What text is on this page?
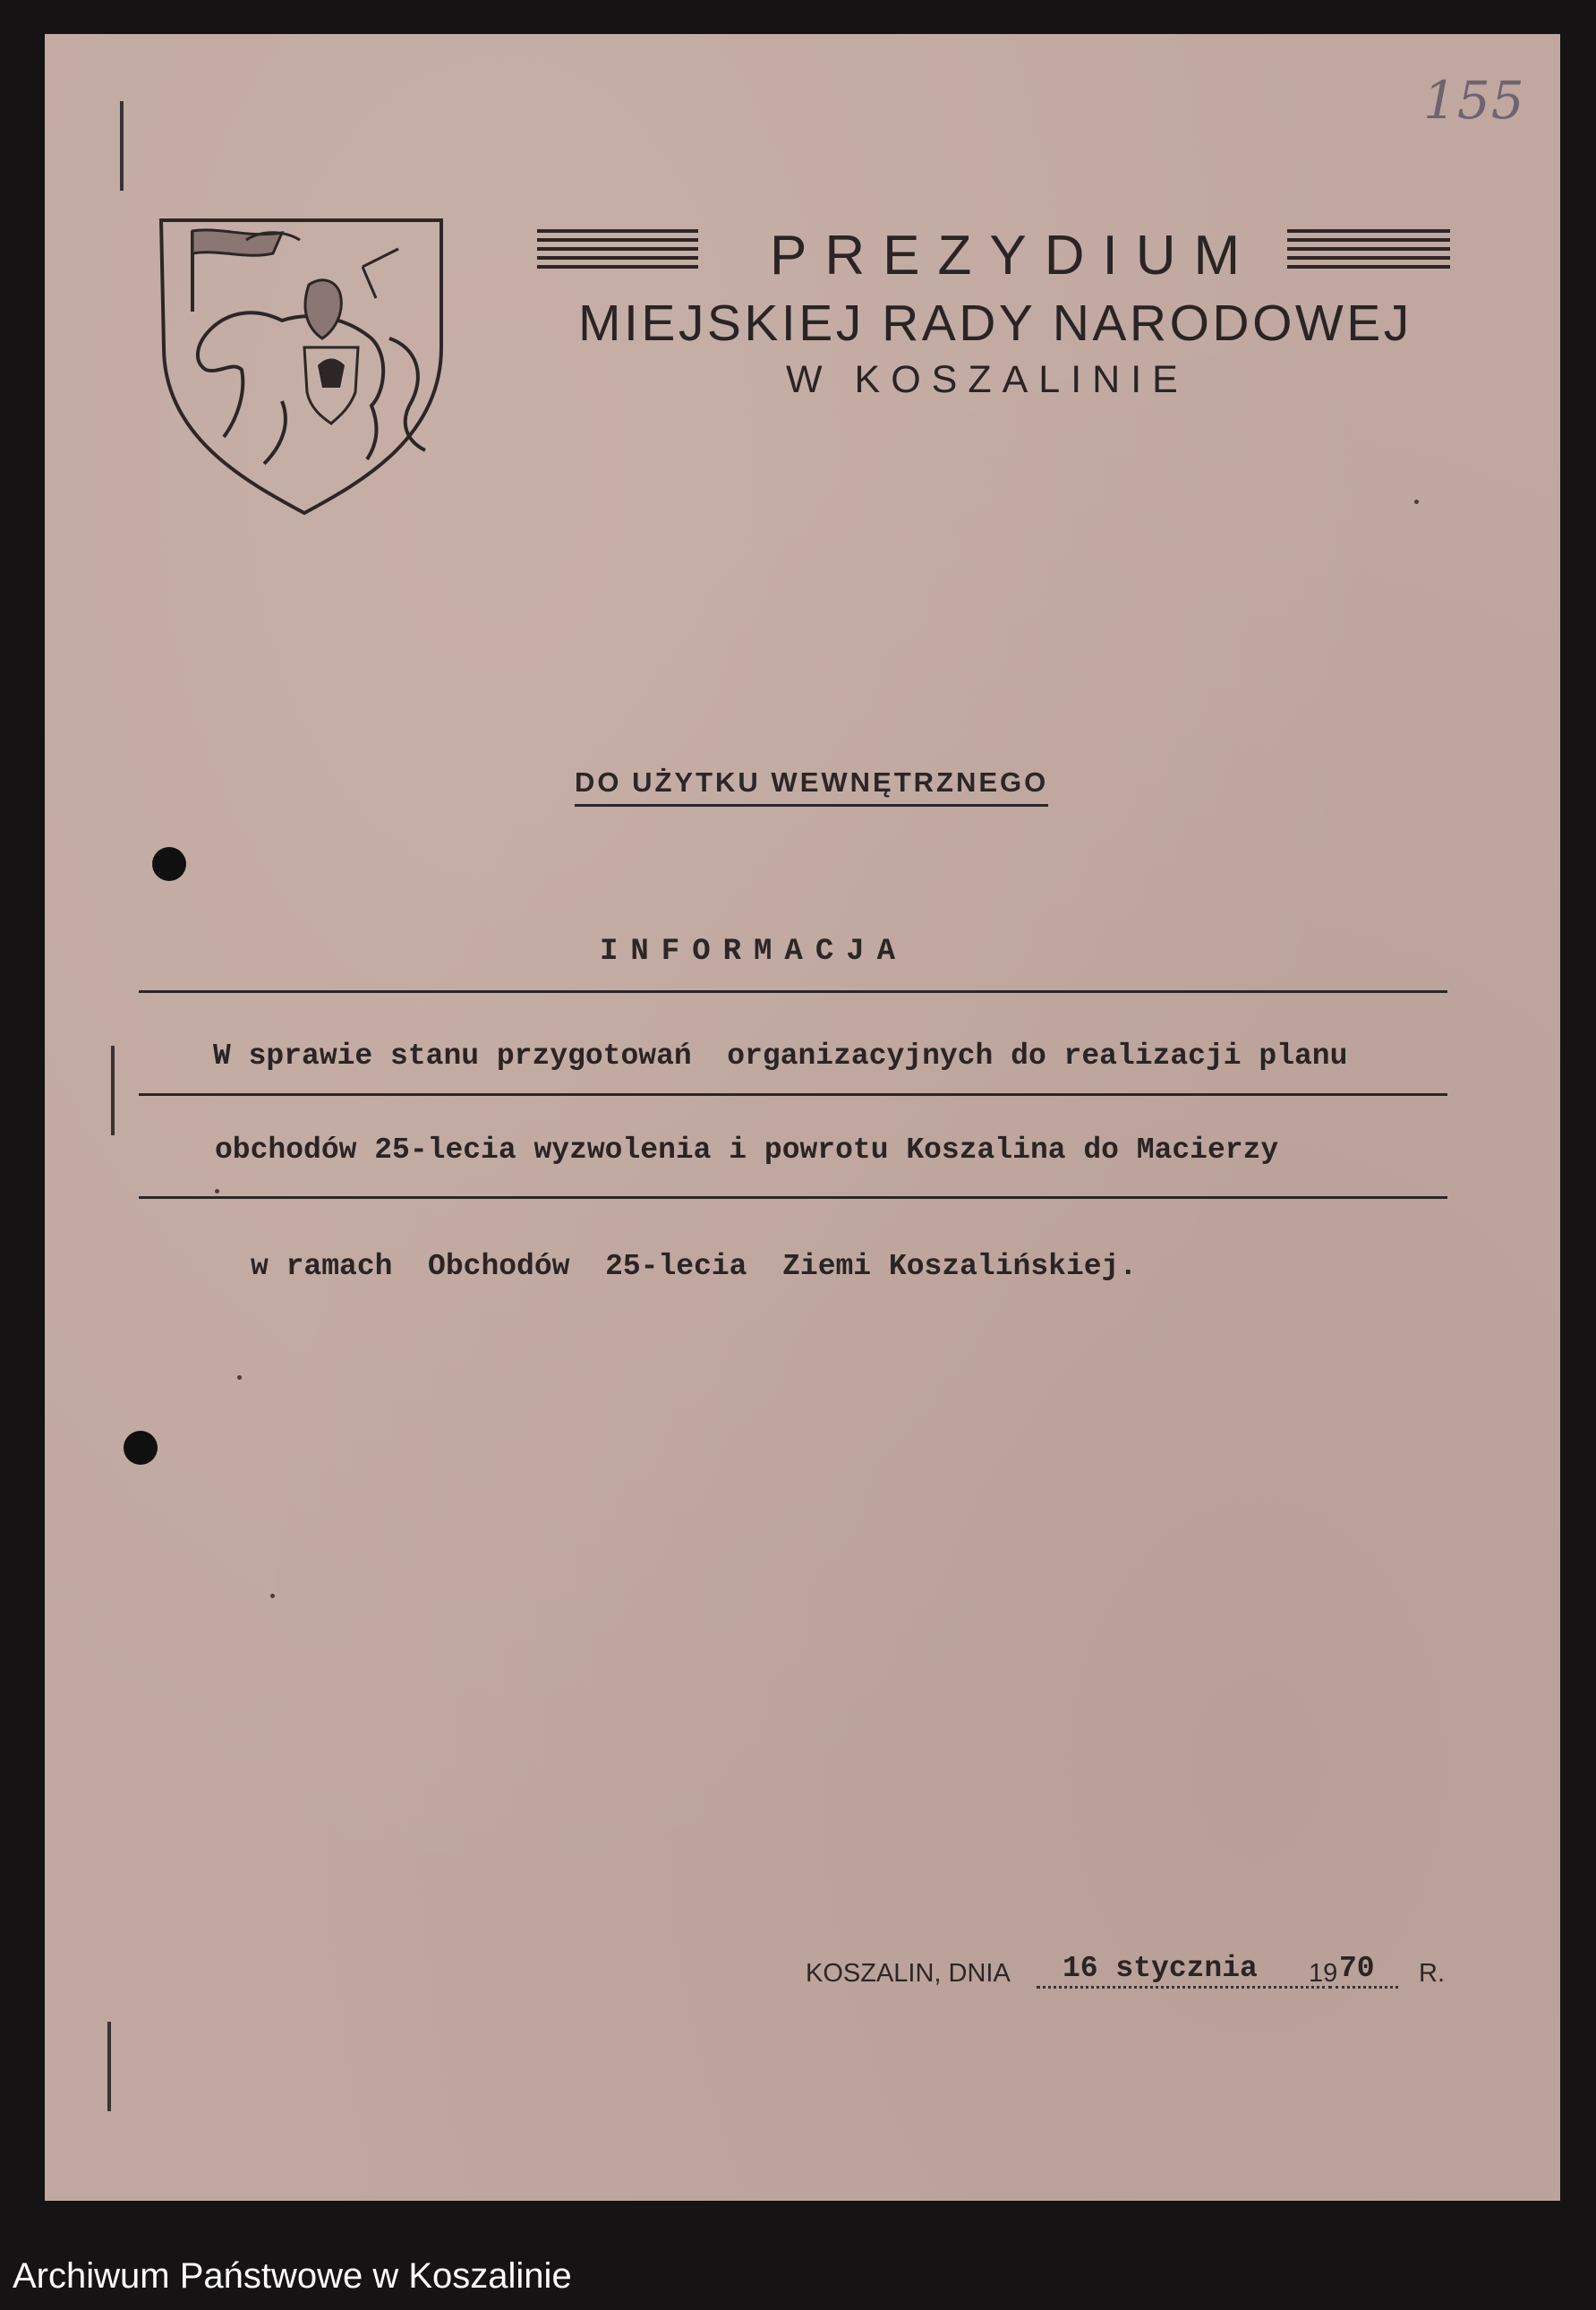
155
PREZYDIUM
MIEJSKIEJ RADY NARODOWEJ
W KOSZALINIE
DO UŻYTKU WEWNĘTRZNEGO
INFORMACJA
W sprawie stanu przygotowań  organizacyjnych do realizacji planu
obchodów 25-lecia wyzwolenia i powrotu Koszalina do Macierzy
w ramach  Obchodów  25-lecia  Ziemi Koszalińskiej.
KOSZALIN, DNIA 16 stycznia 19 70 R.
Archiwum Państwowe w Koszalinie
